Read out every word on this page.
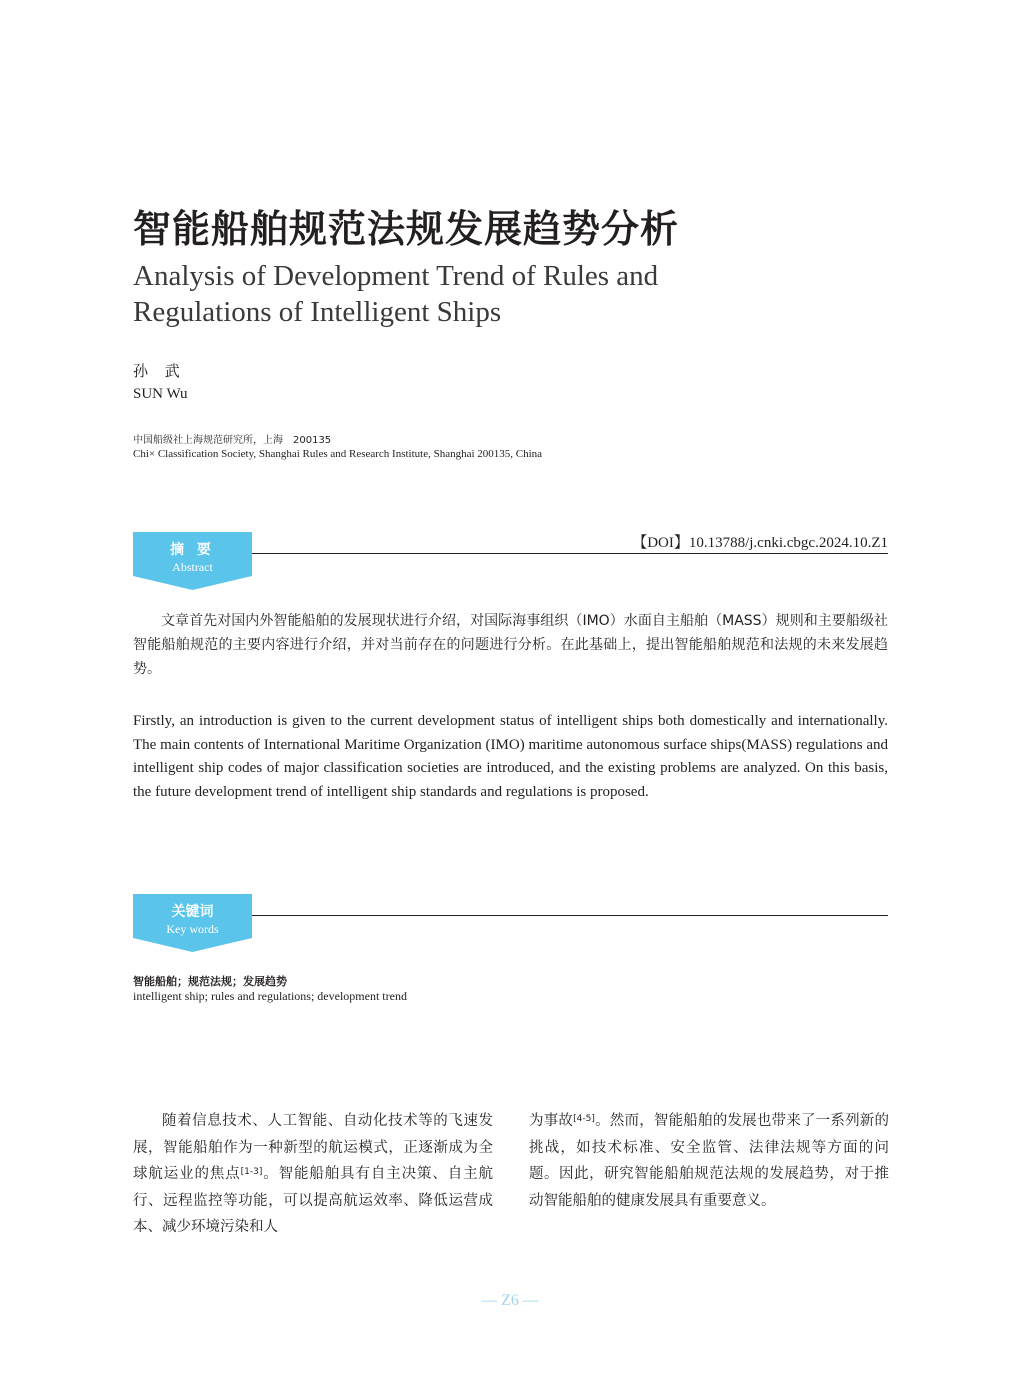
智能船舶规范法规发展趋势分析
Analysis of Development Trend of Rules and Regulations of Intelligent Ships
孙 武
SUN Wu
中国船级社上海规范研究所，上海　200135
Chi× Classification Society, Shanghai Rules and Research Institute, Shanghai 200135, China
【DOI】10.13788/j.cnki.cbgc.2024.10.Z1
摘 要
Abstract
文章首先对国内外智能船舶的发展现状进行介绍，对国际海事组织（IMO）水面自主船舶（MASS）规则和主要船级社智能船舶规范的主要内容进行介绍，并对当前存在的问题进行分析。在此基础上，提出智能船舶规范和法规的未来发展趋势。
Firstly, an introduction is given to the current development status of intelligent ships both domestically and internationally. The main contents of International Maritime Organization (IMO) maritime autonomous surface ships(MASS) regulations and intelligent ship codes of major classification societies are introduced, and the existing problems are analyzed. On this basis, the future development trend of intelligent ship standards and regulations is proposed.
关键词
Key words
智能船舶；规范法规；发展趋势
intelligent ship; rules and regulations; development trend
随着信息技术、人工智能、自动化技术等的飞速发展，智能船舶作为一种新型的航运模式，正逐渐成为全球航运业的焦点[1-3]。智能船舶具有自主决策、自主航行、远程监控等功能，可以提高航运效率、降低运营成本、减少环境污染和人
为事故[4-5]。然而，智能船舶的发展也带来了一系列新的挑战，如技术标准、安全监管、法律法规等方面的问题。因此，研究智能船舶规范法规的发展趋势，对于推动智能船舶的健康发展具有重要意义。
— Z6 —
